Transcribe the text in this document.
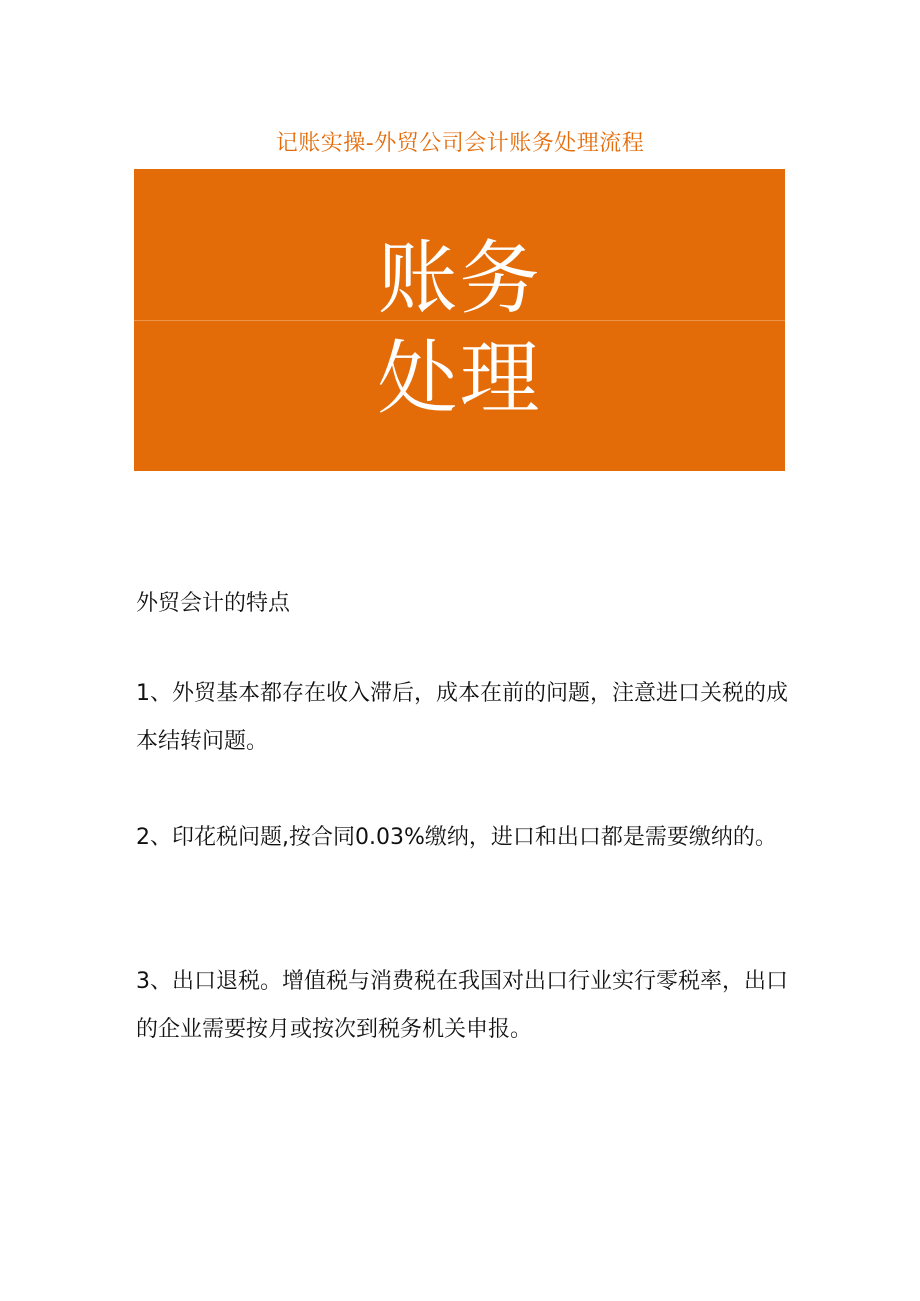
记账实操-外贸公司会计账务处理流程
账务
处理
外贸会计的特点

1、外贸基本都存在收入滞后，成本在前的问题，注意进口关税的成本结转问题。

2、印花税问题,按合同0.03%缴纳，进口和出口都是需要缴纳的。

3、出口退税。增值税与消费税在我国对出口行业实行零税率，出口的企业需要按月或按次到税务机关申报。
